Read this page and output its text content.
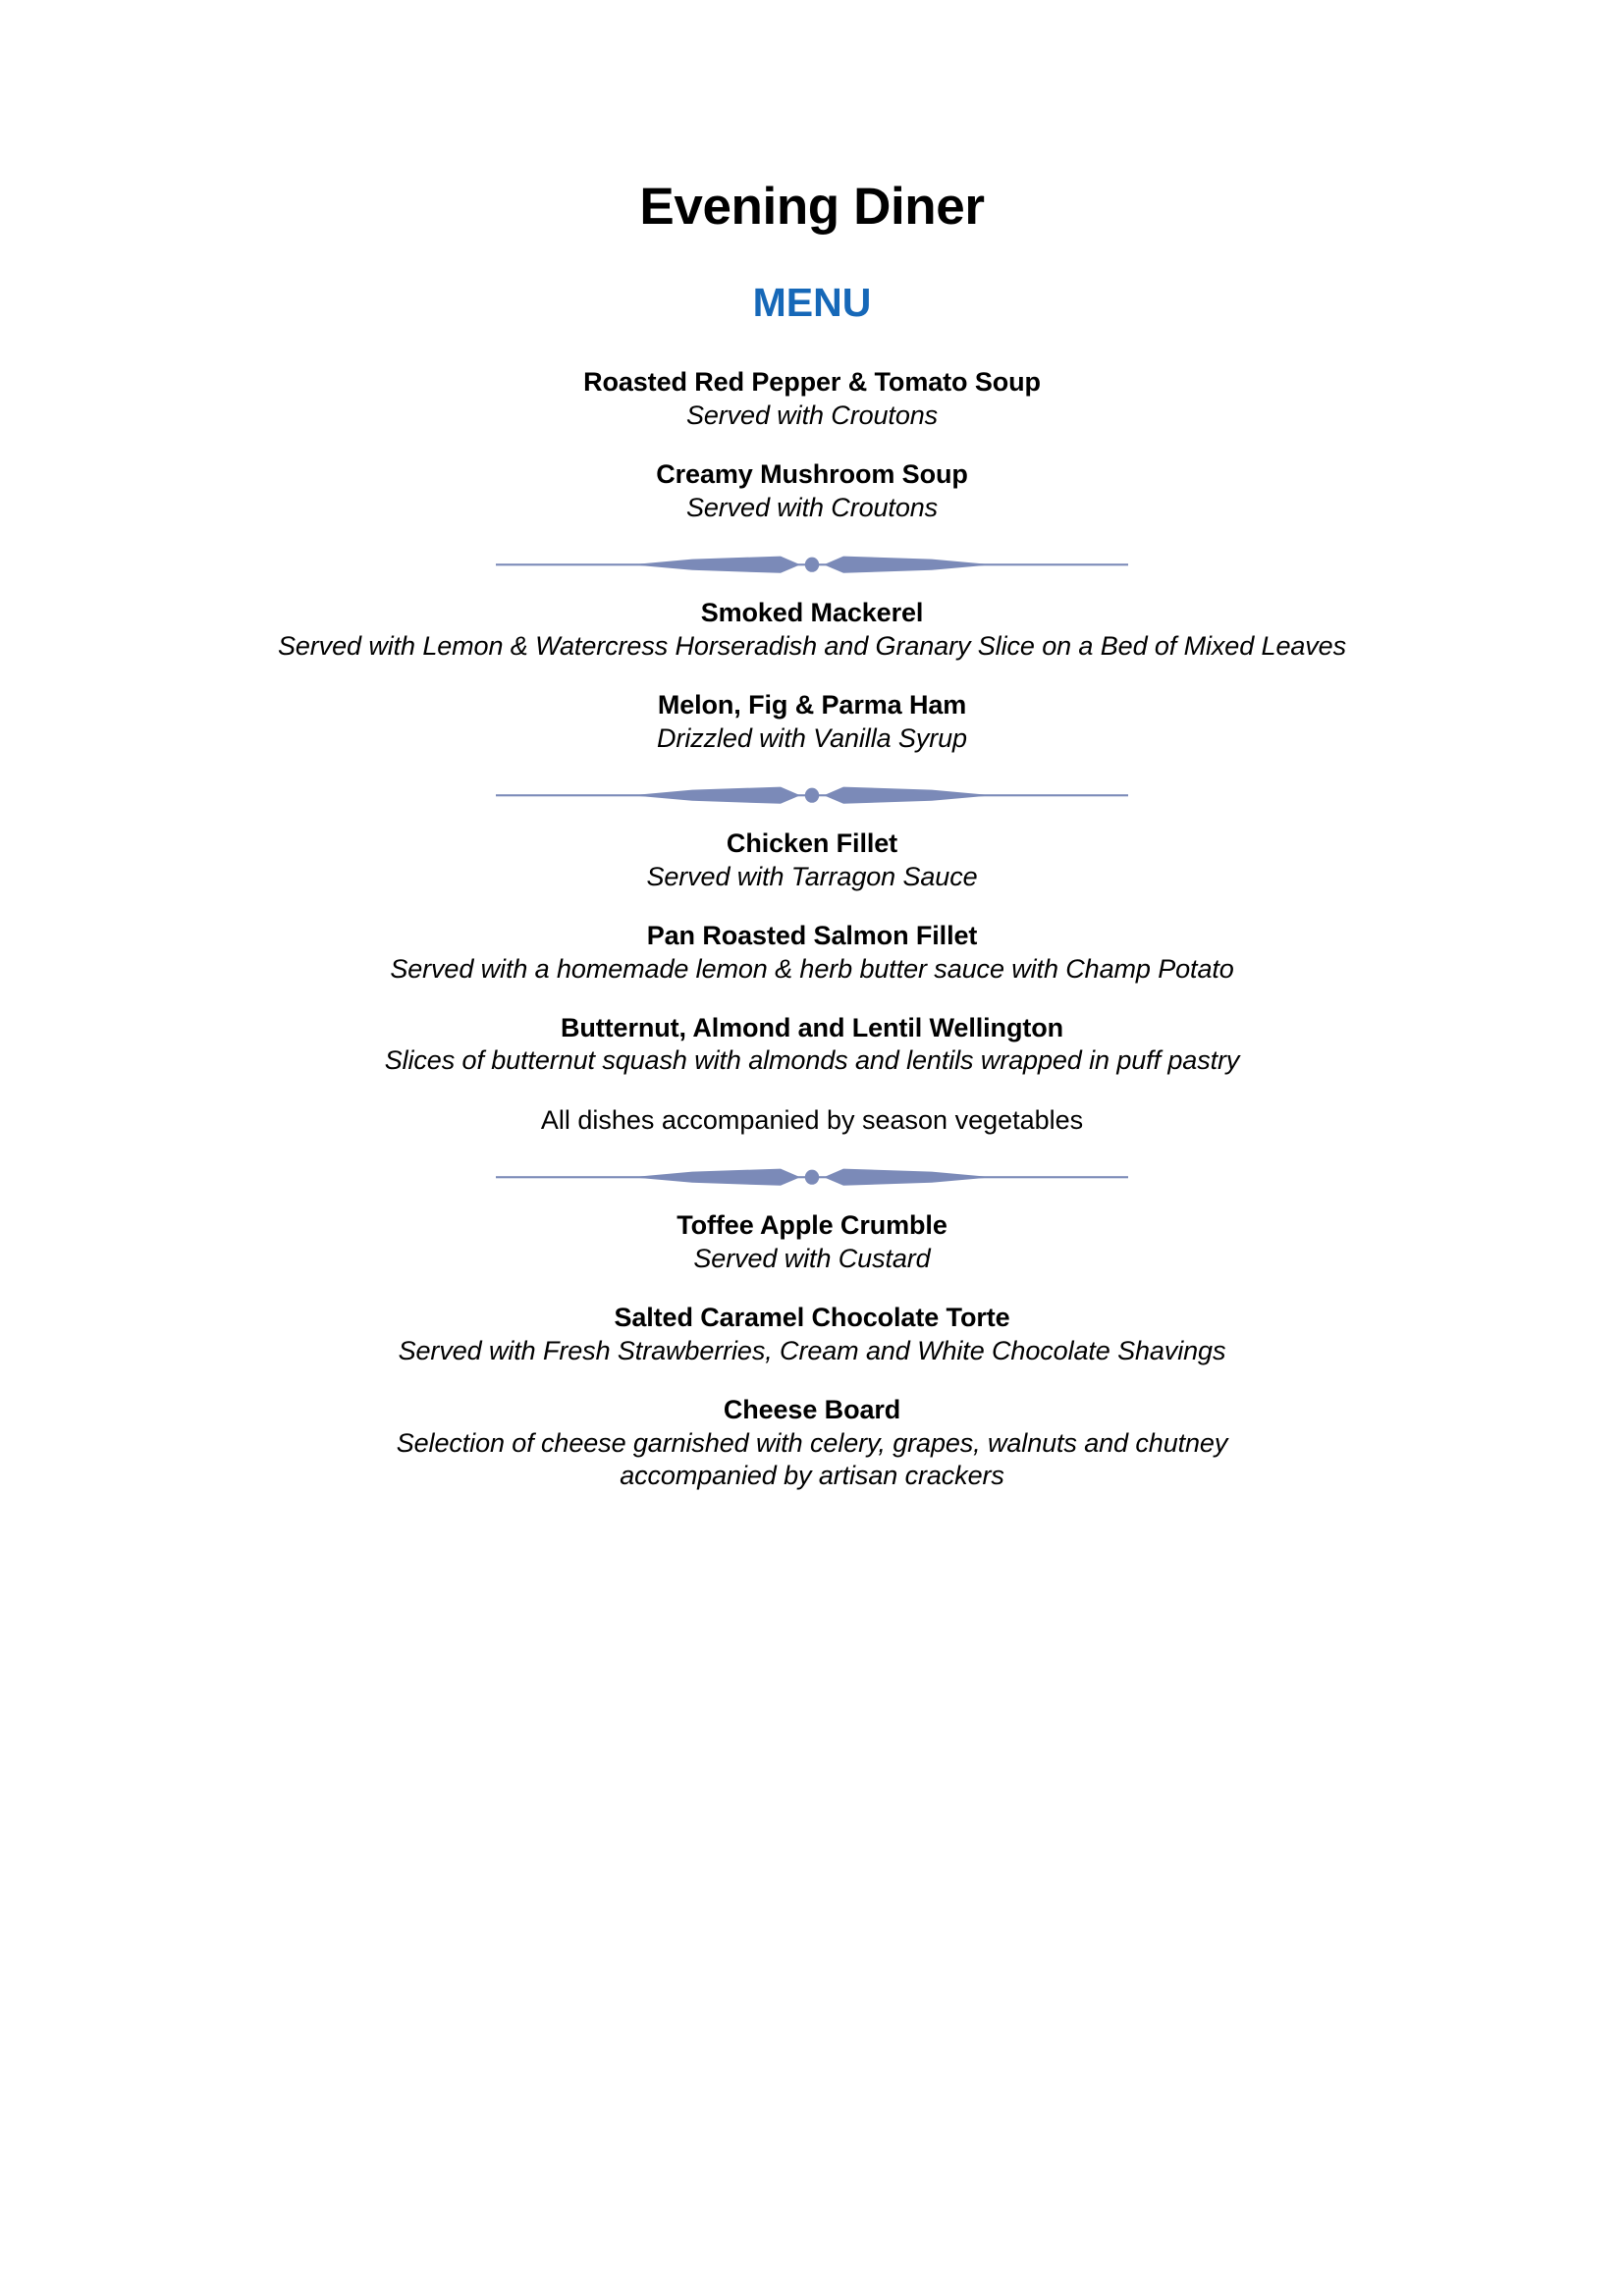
Evening Diner
MENU
Roasted Red Pepper & Tomato Soup
Served with Croutons
Creamy Mushroom Soup
Served with Croutons
Smoked Mackerel
Served with Lemon & Watercress Horseradish and Granary Slice on a Bed of Mixed Leaves
Melon, Fig & Parma Ham
Drizzled with Vanilla Syrup
Chicken Fillet
Served with Tarragon Sauce
Pan Roasted Salmon Fillet
Served with a homemade lemon & herb butter sauce with Champ Potato
Butternut, Almond and Lentil Wellington
Slices of butternut squash with almonds and lentils wrapped in puff pastry
All dishes accompanied by season vegetables
Toffee Apple Crumble
Served with Custard
Salted Caramel Chocolate Torte
Served with Fresh Strawberries, Cream and White Chocolate Shavings
Cheese Board
Selection of cheese garnished with celery, grapes, walnuts and chutney
accompanied by artisan crackers
